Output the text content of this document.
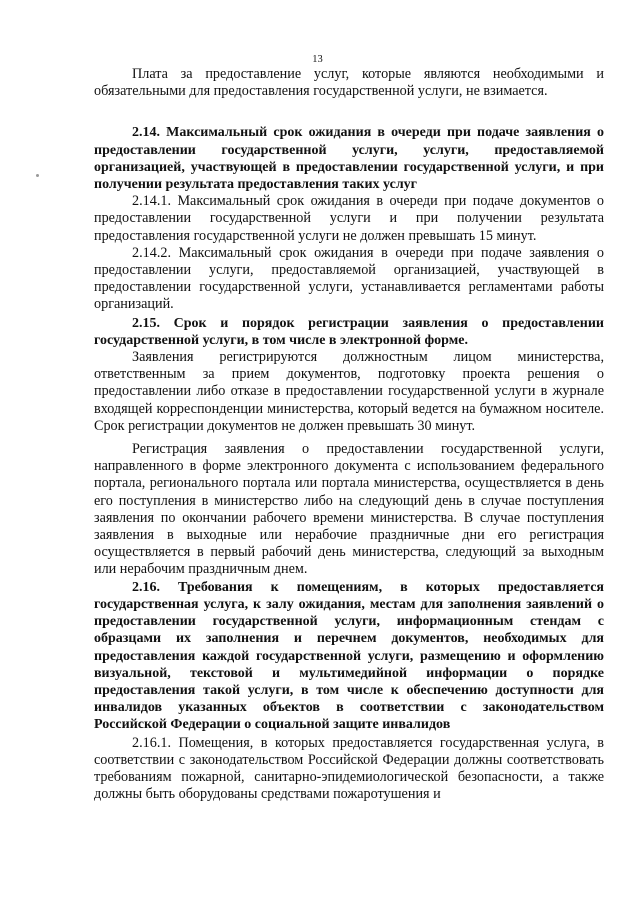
13

Плата за предоставление услуг, которые являются необходимыми и обязательными для предоставления государственной услуги, не взимается.

2.14. Максимальный срок ожидания в очереди при подаче заявления о предоставлении государственной услуги, услуги, предоставляемой организацией, участвующей в предоставлении государственной услуги, и при получении результата предоставления таких услуг

2.14.1. Максимальный срок ожидания в очереди при подаче документов о предоставлении государственной услуги и при получении результата предоставления государственной услуги не должен превышать 15 минут.

2.14.2. Максимальный срок ожидания в очереди при подаче заявления о предоставлении услуги, предоставляемой организацией, участвующей в предоставлении государственной услуги, устанавливается регламентами работы организаций.

2.15. Срок и порядок регистрации заявления о предоставлении государственной услуги, в том числе в электронной форме.

Заявления регистрируются должностным лицом министерства, ответственным за прием документов, подготовку проекта решения о предоставлении либо отказе в предоставлении государственной услуги в журнале входящей корреспонденции министерства, который ведется на бумажном носителе. Срок регистрации документов не должен превышать 30 минут.

Регистрация заявления о предоставлении государственной услуги, направленного в форме электронного документа с использованием федерального портала, регионального портала или портала министерства, осуществляется в день его поступления в министерство либо на следующий день в случае поступления заявления по окончании рабочего времени министерства. В случае поступления заявления в выходные или нерабочие праздничные дни его регистрация осуществляется в первый рабочий день министерства, следующий за выходным или нерабочим праздничным днем.

2.16. Требования к помещениям, в которых предоставляется государственная услуга, к залу ожидания, местам для заполнения заявлений о предоставлении государственной услуги, информационным стендам с образцами их заполнения и перечнем документов, необходимых для предоставления каждой государственной услуги, размещению и оформлению визуальной, текстовой и мультимедийной информации о порядке предоставления такой услуги, в том числе к обеспечению доступности для инвалидов указанных объектов в соответствии с законодательством Российской Федерации о социальной защите инвалидов

2.16.1. Помещения, в которых предоставляется государственная услуга, в соответствии с законодательством Российской Федерации должны соответствовать требованиям пожарной, санитарно-эпидемиологической безопасности, а также должны быть оборудованы средствами пожаротушения и
